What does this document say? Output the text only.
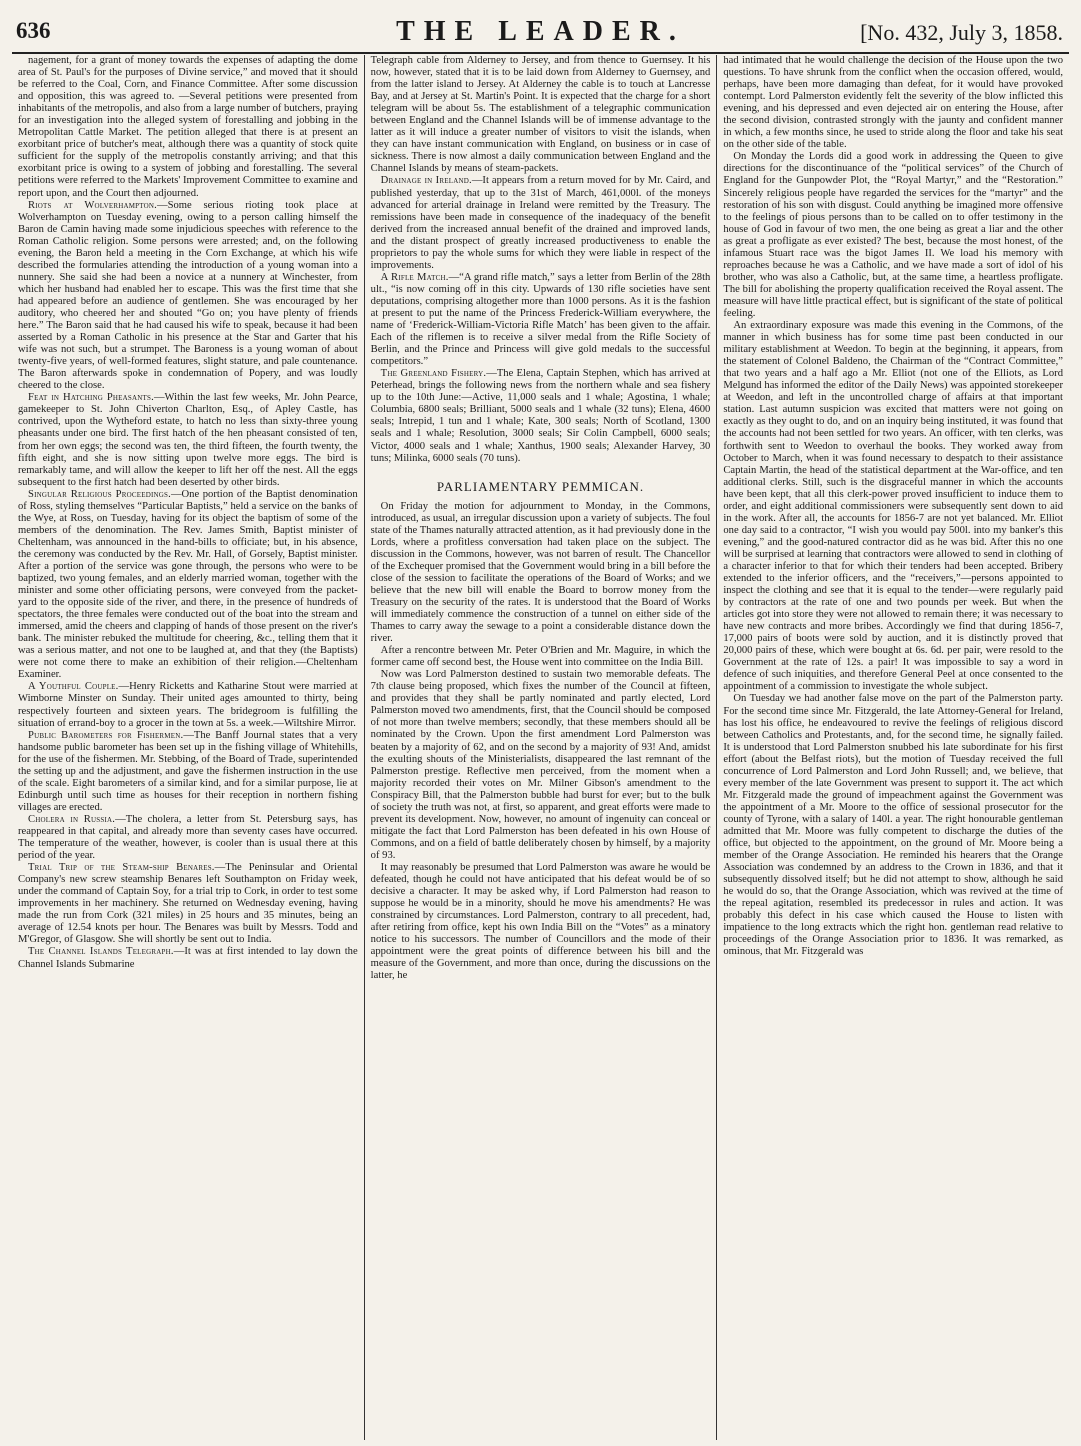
636	THE LEADER.	[No. 432, July 3, 1858.

nagement, for a grant of money towards the expenses of adapting the dome area of St. Paul's for the purposes of Divine service,” and moved that it should be referred to the Coal, Corn, and Finance Committee. After some discussion and opposition, this was agreed to. —Several petitions were presented from inhabitants of the metropolis, and also from a large number of butchers, praying for an investigation into the alleged system of forestalling and jobbing in the Metropolitan Cattle Market. The petition alleged that there is at present an exorbitant price of butcher's meat, although there was a quantity of stock quite sufficient for the supply of the metropolis constantly arriving; and that this exorbitant price is owing to a system of jobbing and forestalling. The several petitions were referred to the Markets' Improvement Committee to examine and report upon, and the Court then adjourned.

Riots at Wolverhampton.—Some serious rioting took place at Wolverhampton on Tuesday evening, owing to a person calling himself the Baron de Camin having made some injudicious speeches with reference to the Roman Catholic religion. Some persons were arrested; and, on the following evening, the Baron held a meeting in the Corn Exchange, at which his wife described the formularies attending the introduction of a young woman into a nunnery. She said she had been a novice at a nunnery at Winchester, from which her husband had enabled her to escape. This was the first time that she had appeared before an audience of gentlemen. She was encouraged by her auditory, who cheered her and shouted “Go on; you have plenty of friends here.” The Baron said that he had caused his wife to speak, because it had been asserted by a Roman Catholic in his presence at the Star and Garter that his wife was not such, but a strumpet. The Baroness is a young woman of about twenty-five years, of well-formed features, slight stature, and pale countenance. The Baron afterwards spoke in condemnation of Popery, and was loudly cheered to the close.

Feat in Hatching Pheasants.—Within the last few weeks, Mr. John Pearce, gamekeeper to St. John Chiverton Charlton, Esq., of Apley Castle, has contrived, upon the Wytheford estate, to hatch no less than sixty-three young pheasants under one bird. The first hatch of the hen pheasant consisted of ten, from her own eggs; the second was ten, the third fifteen, the fourth twenty, the fifth eight, and she is now sitting upon twelve more eggs. The bird is remarkably tame, and will allow the keeper to lift her off the nest. All the eggs subsequent to the first hatch had been deserted by other birds.

Singular Religious Proceedings.—One portion of the Baptist denomination of Ross, styling themselves “Particular Baptists,” held a service on the banks of the Wye, at Ross, on Tuesday, having for its object the baptism of some of the members of the denomination. The Rev. James Smith, Baptist minister of Cheltenham, was announced in the hand-bills to officiate; but, in his absence, the ceremony was conducted by the Rev. Mr. Hall, of Gorsely, Baptist minister. After a portion of the service was gone through, the persons who were to be baptized, two young females, and an elderly married woman, together with the minister and some other officiating persons, were conveyed from the packet-yard to the opposite side of the river, and there, in the presence of hundreds of spectators, the three females were conducted out of the boat into the stream and immersed, amid the cheers and clapping of hands of those present on the river's bank. The minister rebuked the multitude for cheering, &c., telling them that it was a serious matter, and not one to be laughed at, and that they (the Baptists) were not come there to make an exhibition of their religion.—Cheltenham Examiner.

A Youthful Couple.—Henry Ricketts and Katharine Stout were married at Wimborne Minster on Sunday. Their united ages amounted to thirty, being respectively fourteen and sixteen years. The bridegroom is fulfilling the situation of errand-boy to a grocer in the town at 5s. a week.—Wiltshire Mirror.

Public Barometers for Fishermen.—The Banff Journal states that a very handsome public barometer has been set up in the fishing village of Whitehills, for the use of the fishermen. Mr. Stebbing, of the Board of Trade, superintended the setting up and the adjustment, and gave the fishermen instruction in the use of the scale. Eight barometers of a similar kind, and for a similar purpose, lie at Edinburgh until such time as houses for their reception in northern fishing villages are erected.

Cholera in Russia.—The cholera, a letter from St. Petersburg says, has reappeared in that capital, and already more than seventy cases have occurred. The temperature of the weather, however, is cooler than is usual there at this period of the year.

Trial Trip of the Steam-ship Benares.—The Peninsular and Oriental Company's new screw steamship Benares left Southampton on Friday week, under the command of Captain Soy, for a trial trip to Cork, in order to test some improvements in her machinery. She returned on Wednesday evening, having made the run from Cork (321 miles) in 25 hours and 35 minutes, being an average of 12.54 knots per hour. The Benares was built by Messrs. Todd and M'Gregor, of Glasgow. She will shortly be sent out to India.

The Channel Islands Telegraph.—It was at first intended to lay down the Channel Islands Submarine

Telegraph cable from Alderney to Jersey, and from thence to Guernsey. It his now, however, stated that it is to be laid down from Alderney to Guernsey, and from the latter island to Jersey. At Alderney the cable is to touch at Lancresse Bay, and at Jersey at St. Martin's Point. It is expected that the charge for a short telegram will be about 5s. The establishment of a telegraphic communication between England and the Channel Islands will be of immense advantage to the latter as it will induce a greater number of visitors to visit the islands, when they can have instant communication with England, on business or in case of sickness. There is now almost a daily communication between England and the Channel Islands by means of steam-packets.

Drainage in Ireland.—It appears from a return moved for by Mr. Caird, and published yesterday, that up to the 31st of March, 461,000l. of the moneys advanced for arterial drainage in Ireland were remitted by the Treasury. The remissions have been made in consequence of the inadequacy of the benefit derived from the increased annual benefit of the drained and improved lands, and the distant prospect of greatly increased productiveness to enable the proprietors to pay the whole sums for which they were liable in respect of the improvements.

A Rifle Match.—“A grand rifle match,” says a letter from Berlin of the 28th ult., “is now coming off in this city. Upwards of 130 rifle societies have sent deputations, comprising altogether more than 1000 persons. As it is the fashion at present to put the name of the Princess Frederick-William everywhere, the name of ‘Frederick-William-Victoria Rifle Match’ has been given to the affair. Each of the riflemen is to receive a silver medal from the Rifle Society of Berlin, and the Prince and Princess will give gold medals to the successful competitors.”

The Greenland Fishery.—The Elena, Captain Stephen, which has arrived at Peterhead, brings the following news from the northern whale and sea fishery up to the 10th June:—Active, 11,000 seals and 1 whale; Agostina, 1 whale; Columbia, 6800 seals; Brilliant, 5000 seals and 1 whale (32 tuns); Elena, 4600 seals; Intrepid, 1 tun and 1 whale; Kate, 300 seals; North of Scotland, 1300 seals and 1 whale; Resolution, 3000 seals; Sir Colin Campbell, 6000 seals; Victor, 4000 seals and 1 whale; Xanthus, 1900 seals; Alexander Harvey, 30 tuns; Milinka, 6000 seals (70 tuns).

PARLIAMENTARY PEMMICAN.

On Friday the motion for adjournment to Monday, in the Commons, introduced, as usual, an irregular discussion upon a variety of subjects. The foul state of the Thames naturally attracted attention, as it had previously done in the Lords, where a profitless conversation had taken place on the subject. The discussion in the Commons, however, was not barren of result. The Chancellor of the Exchequer promised that the Government would bring in a bill before the close of the session to facilitate the operations of the Board of Works; and we believe that the new bill will enable the Board to borrow money from the Treasury on the security of the rates. It is understood that the Board of Works will immediately commence the construction of a tunnel on either side of the Thames to carry away the sewage to a point a considerable distance down the river.

After a rencontre between Mr. Peter O'Brien and Mr. Maguire, in which the former came off second best, the House went into committee on the India Bill.

Now was Lord Palmerston destined to sustain two memorable defeats. The 7th clause being proposed, which fixes the number of the Council at fifteen, and provides that they shall be partly nominated and partly elected, Lord Palmerston moved two amendments, first, that the Council should be composed of not more than twelve members; secondly, that these members should all be nominated by the Crown. Upon the first amendment Lord Palmerston was beaten by a majority of 62, and on the second by a majority of 93! And, amidst the exulting shouts of the Ministerialists, disappeared the last remnant of the Palmerston prestige. Reflective men perceived, from the moment when a majority recorded their votes on Mr. Milner Gibson's amendment to the Conspiracy Bill, that the Palmerston bubble had burst for ever; but to the bulk of society the truth was not, at first, so apparent, and great efforts were made to prevent its development. Now, however, no amount of ingenuity can conceal or mitigate the fact that Lord Palmerston has been defeated in his own House of Commons, and on a field of battle deliberately chosen by himself, by a majority of 93.

It may reasonably be presumed that Lord Palmerston was aware he would be defeated, though he could not have anticipated that his defeat would be of so decisive a character. It may be asked why, if Lord Palmerston had reason to suppose he would be in a minority, should he move his amendments? He was constrained by circumstances. Lord Palmerston, contrary to all precedent, had, after retiring from office, kept his own India Bill on the “Votes” as a minatory notice to his successors. The number of Councillors and the mode of their appointment were the great points of difference between his bill and the measure of the Government, and more than once, during the discussions on the latter, he

had intimated that he would challenge the decision of the House upon the two questions. To have shrunk from the conflict when the occasion offered, would, perhaps, have been more damaging than defeat, for it would have provoked contempt. Lord Palmerston evidently felt the severity of the blow inflicted this evening, and his depressed and even dejected air on entering the House, after the second division, contrasted strongly with the jaunty and confident manner in which, a few months since, he used to stride along the floor and take his seat on the other side of the table.

On Monday the Lords did a good work in addressing the Queen to give directions for the discontinuance of the “political services” of the Church of England for the Gunpowder Plot, the “Royal Martyr,” and the “Restoration.” Sincerely religious people have regarded the services for the “martyr” and the restoration of his son with disgust. Could anything be imagined more offensive to the feelings of pious persons than to be called on to offer testimony in the house of God in favour of two men, the one being as great a liar and the other as great a profligate as ever existed? The best, because the most honest, of the infamous Stuart race was the bigot James II. We load his memory with reproaches because he was a Catholic, and we have made a sort of idol of his brother, who was also a Catholic, but, at the same time, a heartless profligate. The bill for abolishing the property qualification received the Royal assent. The measure will have little practical effect, but is significant of the state of political feeling.

An extraordinary exposure was made this evening in the Commons, of the manner in which business has for some time past been conducted in our military establishment at Weedon. To begin at the beginning, it appears, from the statement of Colonel Baldeno, the Chairman of the “Contract Committee,” that two years and a half ago a Mr. Elliot (not one of the Elliots, as Lord Melgund has informed the editor of the Daily News) was appointed storekeeper at Weedon, and left in the uncontrolled charge of affairs at that important station. Last autumn suspicion was excited that matters were not going on exactly as they ought to do, and on an inquiry being instituted, it was found that the accounts had not been settled for two years. An officer, with ten clerks, was forthwith sent to Weedon to overhaul the books. They worked away from October to March, when it was found necessary to despatch to their assistance Captain Martin, the head of the statistical department at the War-office, and ten additional clerks. Still, such is the disgraceful manner in which the accounts have been kept, that all this clerk-power proved insufficient to induce them to order, and eight additional commissioners were subsequently sent down to aid in the work. After all, the accounts for 1856-7 are not yet balanced. Mr. Elliot one day said to a contractor, “I wish you would pay 500l. into my banker's this evening,” and the good-natured contractor did as he was bid. After this no one will be surprised at learning that contractors were allowed to send in clothing of a character inferior to that for which their tenders had been accepted. Bribery extended to the inferior officers, and the “receivers,”—persons appointed to inspect the clothing and see that it is equal to the tender—were regularly paid by contractors at the rate of one and two pounds per week. But when the articles got into store they were not allowed to remain there; it was necessary to have new contracts and more bribes. Accordingly we find that during 1856-7, 17,000 pairs of boots were sold by auction, and it is distinctly proved that 20,000 pairs of these, which were bought at 6s. 6d. per pair, were resold to the Government at the rate of 12s. a pair! It was impossible to say a word in defence of such iniquities, and therefore General Peel at once consented to the appointment of a commission to investigate the whole subject.

On Tuesday we had another false move on the part of the Palmerston party. For the second time since Mr. Fitzgerald, the late Attorney-General for Ireland, has lost his office, he endeavoured to revive the feelings of religious discord between Catholics and Protestants, and, for the second time, he signally failed. It is understood that Lord Palmerston snubbed his late subordinate for his first effort (about the Belfast riots), but the motion of Tuesday received the full concurrence of Lord Palmerston and Lord John Russell; and, we believe, that every member of the late Government was present to support it. The act which Mr. Fitzgerald made the ground of impeachment against the Government was the appointment of a Mr. Moore to the office of sessional prosecutor for the county of Tyrone, with a salary of 140l. a year. The right honourable gentleman admitted that Mr. Moore was fully competent to discharge the duties of the office, but objected to the appointment, on the ground of Mr. Moore being a member of the Orange Association. He reminded his hearers that the Orange Association was condemned by an address to the Crown in 1836, and that it subsequently dissolved itself; but he did not attempt to show, although he said he would do so, that the Orange Association, which was revived at the time of the repeal agitation, resembled its predecessor in rules and action. It was probably this defect in his case which caused the House to listen with impatience to the long extracts which the right hon. gentleman read relative to proceedings of the Orange Association prior to 1836. It was remarked, as ominous, that Mr. Fitzgerald was
